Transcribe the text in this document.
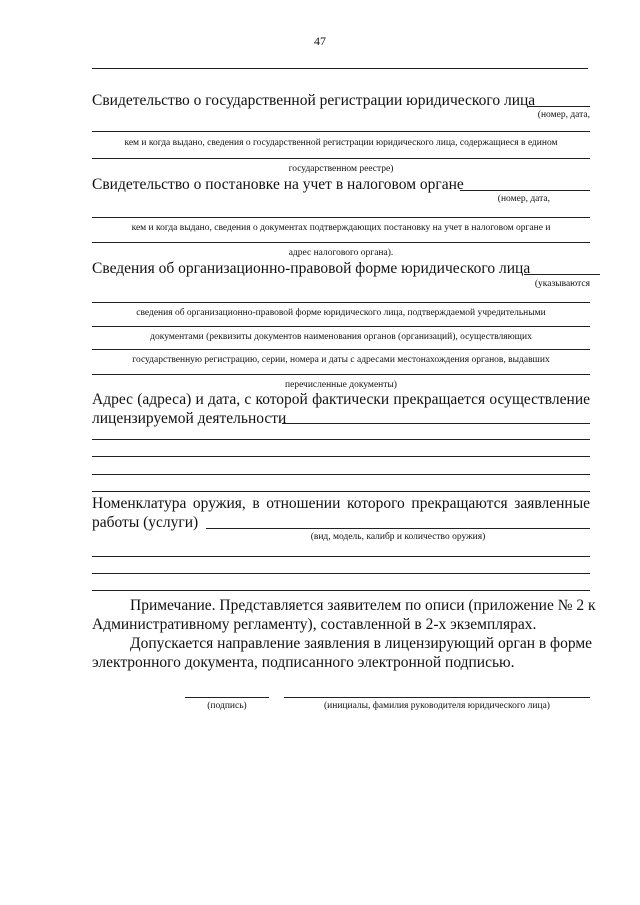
47
Свидетельство о государственной регистрации юридического лица
(номер, дата,
кем и когда выдано, сведения о государственной регистрации юридического лица, содержащиеся в едином
государственном реестре)
Свидетельство о постановке на учет в налоговом органе
(номер, дата,
кем и когда выдано, сведения о документах подтверждающих постановку на учет в налоговом органе и
адрес налогового органа).
Сведения об организационно-правовой форме юридического лица
(указываются
сведения об организационно-правовой форме юридического лица, подтверждаемой учредительными
документами (реквизиты документов наименования органов (организаций), осуществляющих
государственную регистрацию, серии, номера и даты с адресами местонахождения органов, выдавших
перечисленные документы)
Адрес (адреса) и дата, с которой фактически прекращается осуществление
лицензируемой деятельности
Номенклатура оружия, в отношении которого прекращаются заявленные
работы (услуги)
(вид, модель, калибр и количество оружия)
Примечание. Представляется заявителем по описи (приложение № 2 к
Административному регламенту), составленной в 2-х экземплярах.
Допускается направление заявления в лицензирующий орган в форме
электронного документа, подписанного электронной подписью.
(подпись)	(инициалы, фамилия руководителя юридического лица)
